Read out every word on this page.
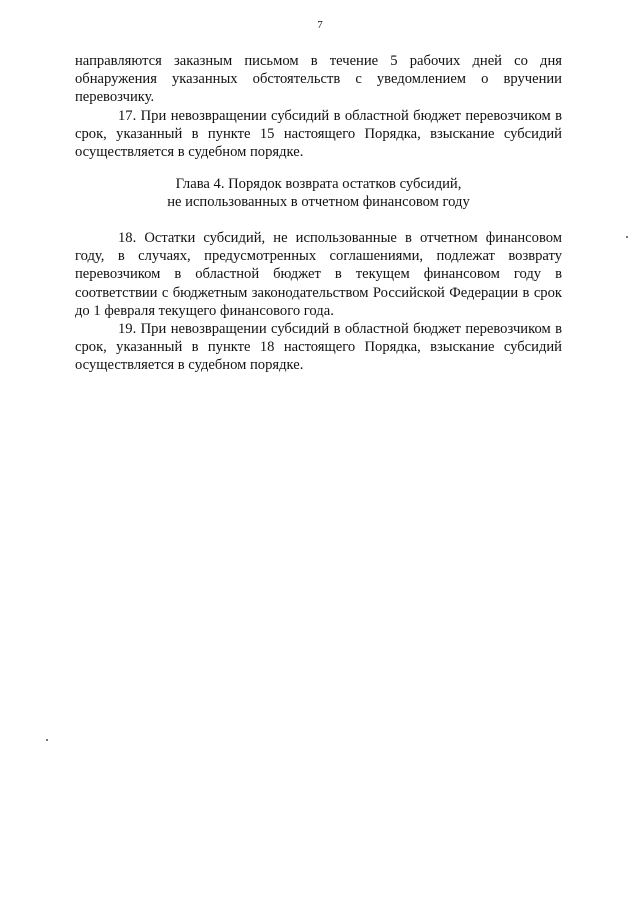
7

направляются заказным письмом в течение 5 рабочих дней со дня обнаружения указанных обстоятельств с уведомлением о вручении перевозчику.

17. При невозвращении субсидий в областной бюджет перевозчиком в срок, указанный в пункте 15 настоящего Порядка, взыскание субсидий осуществляется в судебном порядке.

Глава 4. Порядок возврата остатков субсидий,
не использованных в отчетном финансовом году

18. Остатки субсидий, не использованные в отчетном финансовом году, в случаях, предусмотренных соглашениями, подлежат возврату перевозчиком в областной бюджет в текущем финансовом году в соответствии с бюджетным законодательством Российской Федерации в срок до 1 февраля текущего финансового года.

19. При невозвращении субсидий в областной бюджет перевозчиком в срок, указанный в пункте 18 настоящего Порядка, взыскание субсидий осуществляется в судебном порядке.
